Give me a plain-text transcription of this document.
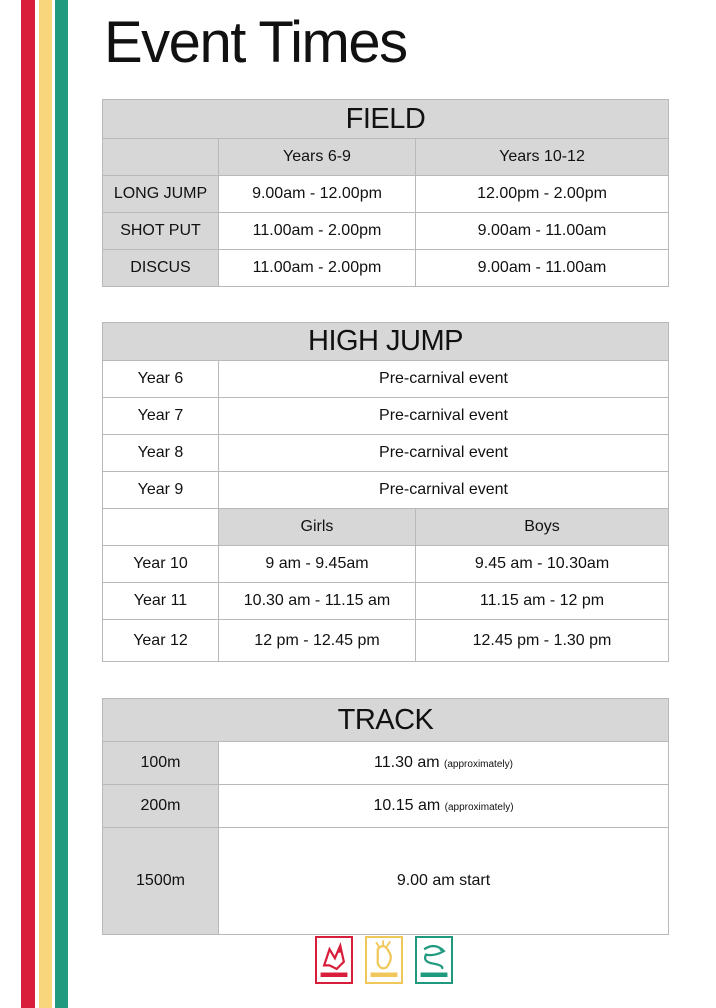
Event Times
FIELD		
	Years 6-9	Years 10-12
LONG JUMP	9.00am - 12.00pm	12.00pm - 2.00pm
SHOT PUT	11.00am - 2.00pm	9.00am - 11.00am
DISCUS	11.00am - 2.00pm	9.00am - 11.00am
HIGH JUMP		
Year 6	Pre-carnival event	
Year 7	Pre-carnival event	
Year 8	Pre-carnival event	
Year 9	Pre-carnival event	
	Girls	Boys
Year 10	9 am - 9.45am	9.45 am - 10.30am
Year 11	10.30 am - 11.15 am	11.15 am - 12 pm
Year 12	12 pm - 12.45 pm	12.45 pm - 1.30 pm
TRACK	
100m	11.30 am (approximately)
200m	10.15 am (approximately)
1500m	9.00 am start
